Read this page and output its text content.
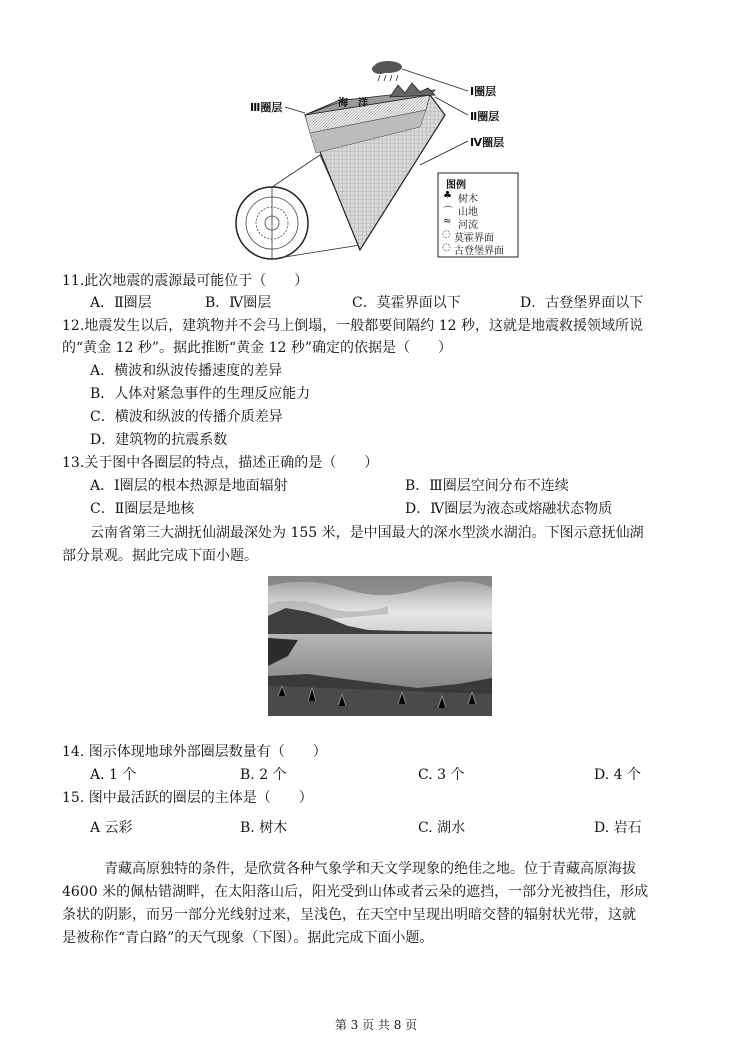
Ⅰ圈层
Ⅱ圈层
Ⅲ圈层
Ⅳ圈层
海　洋
图例
♣ 树木
⌒ 山地
≈ 河流
◌ 莫霍界面
◌ 古登堡界面
11.此次地震的震源最可能位于（　　）
A．Ⅱ圈层	B．Ⅳ圈层	C．莫霍界面以下	D．古登堡界面以下
12.地震发生以后，建筑物并不会马上倒塌，一般都要间隔约 12 秒，这就是地震救援领域所说
的“黄金 12 秒”。据此推断“黄金 12 秒”确定的依据是（　　）
A．横波和纵波传播速度的差异
B．人体对紧急事件的生理反应能力
C．横波和纵波的传播介质差异
D．建筑物的抗震系数
13.关于图中各圈层的特点，描述正确的是（　　）
A．Ⅰ圈层的根本热源是地面辐射	B．Ⅲ圈层空间分布不连续
C．Ⅱ圈层是地核	D．Ⅳ圈层为液态或熔融状态物质
云南省第三大湖抚仙湖最深处为 155 米，是中国最大的深水型淡水湖泊。下图示意抚仙湖
部分景观。据此完成下面小题。
14. 图示体现地球外部圈层数量有（　　）
A. 1 个	B. 2 个	C. 3 个	D. 4 个
15. 图中最活跃的圈层的主体是（　　）
A 云彩	B. 树木	C. 湖水	D. 岩石
青藏高原独特的条件，是欣赏各种气象学和天文学现象的绝佳之地。位于青藏高原海拔
4600 米的佩枯错湖畔，在太阳落山后，阳光受到山体或者云朵的遮挡，一部分光被挡住，形成
条状的阴影，而另一部分光线射过来，呈浅色，在天空中呈现出明暗交替的辐射状光带，这就
是被称作“青白路”的天气现象（下图）。据此完成下面小题。
第 3 页 共 8 页
